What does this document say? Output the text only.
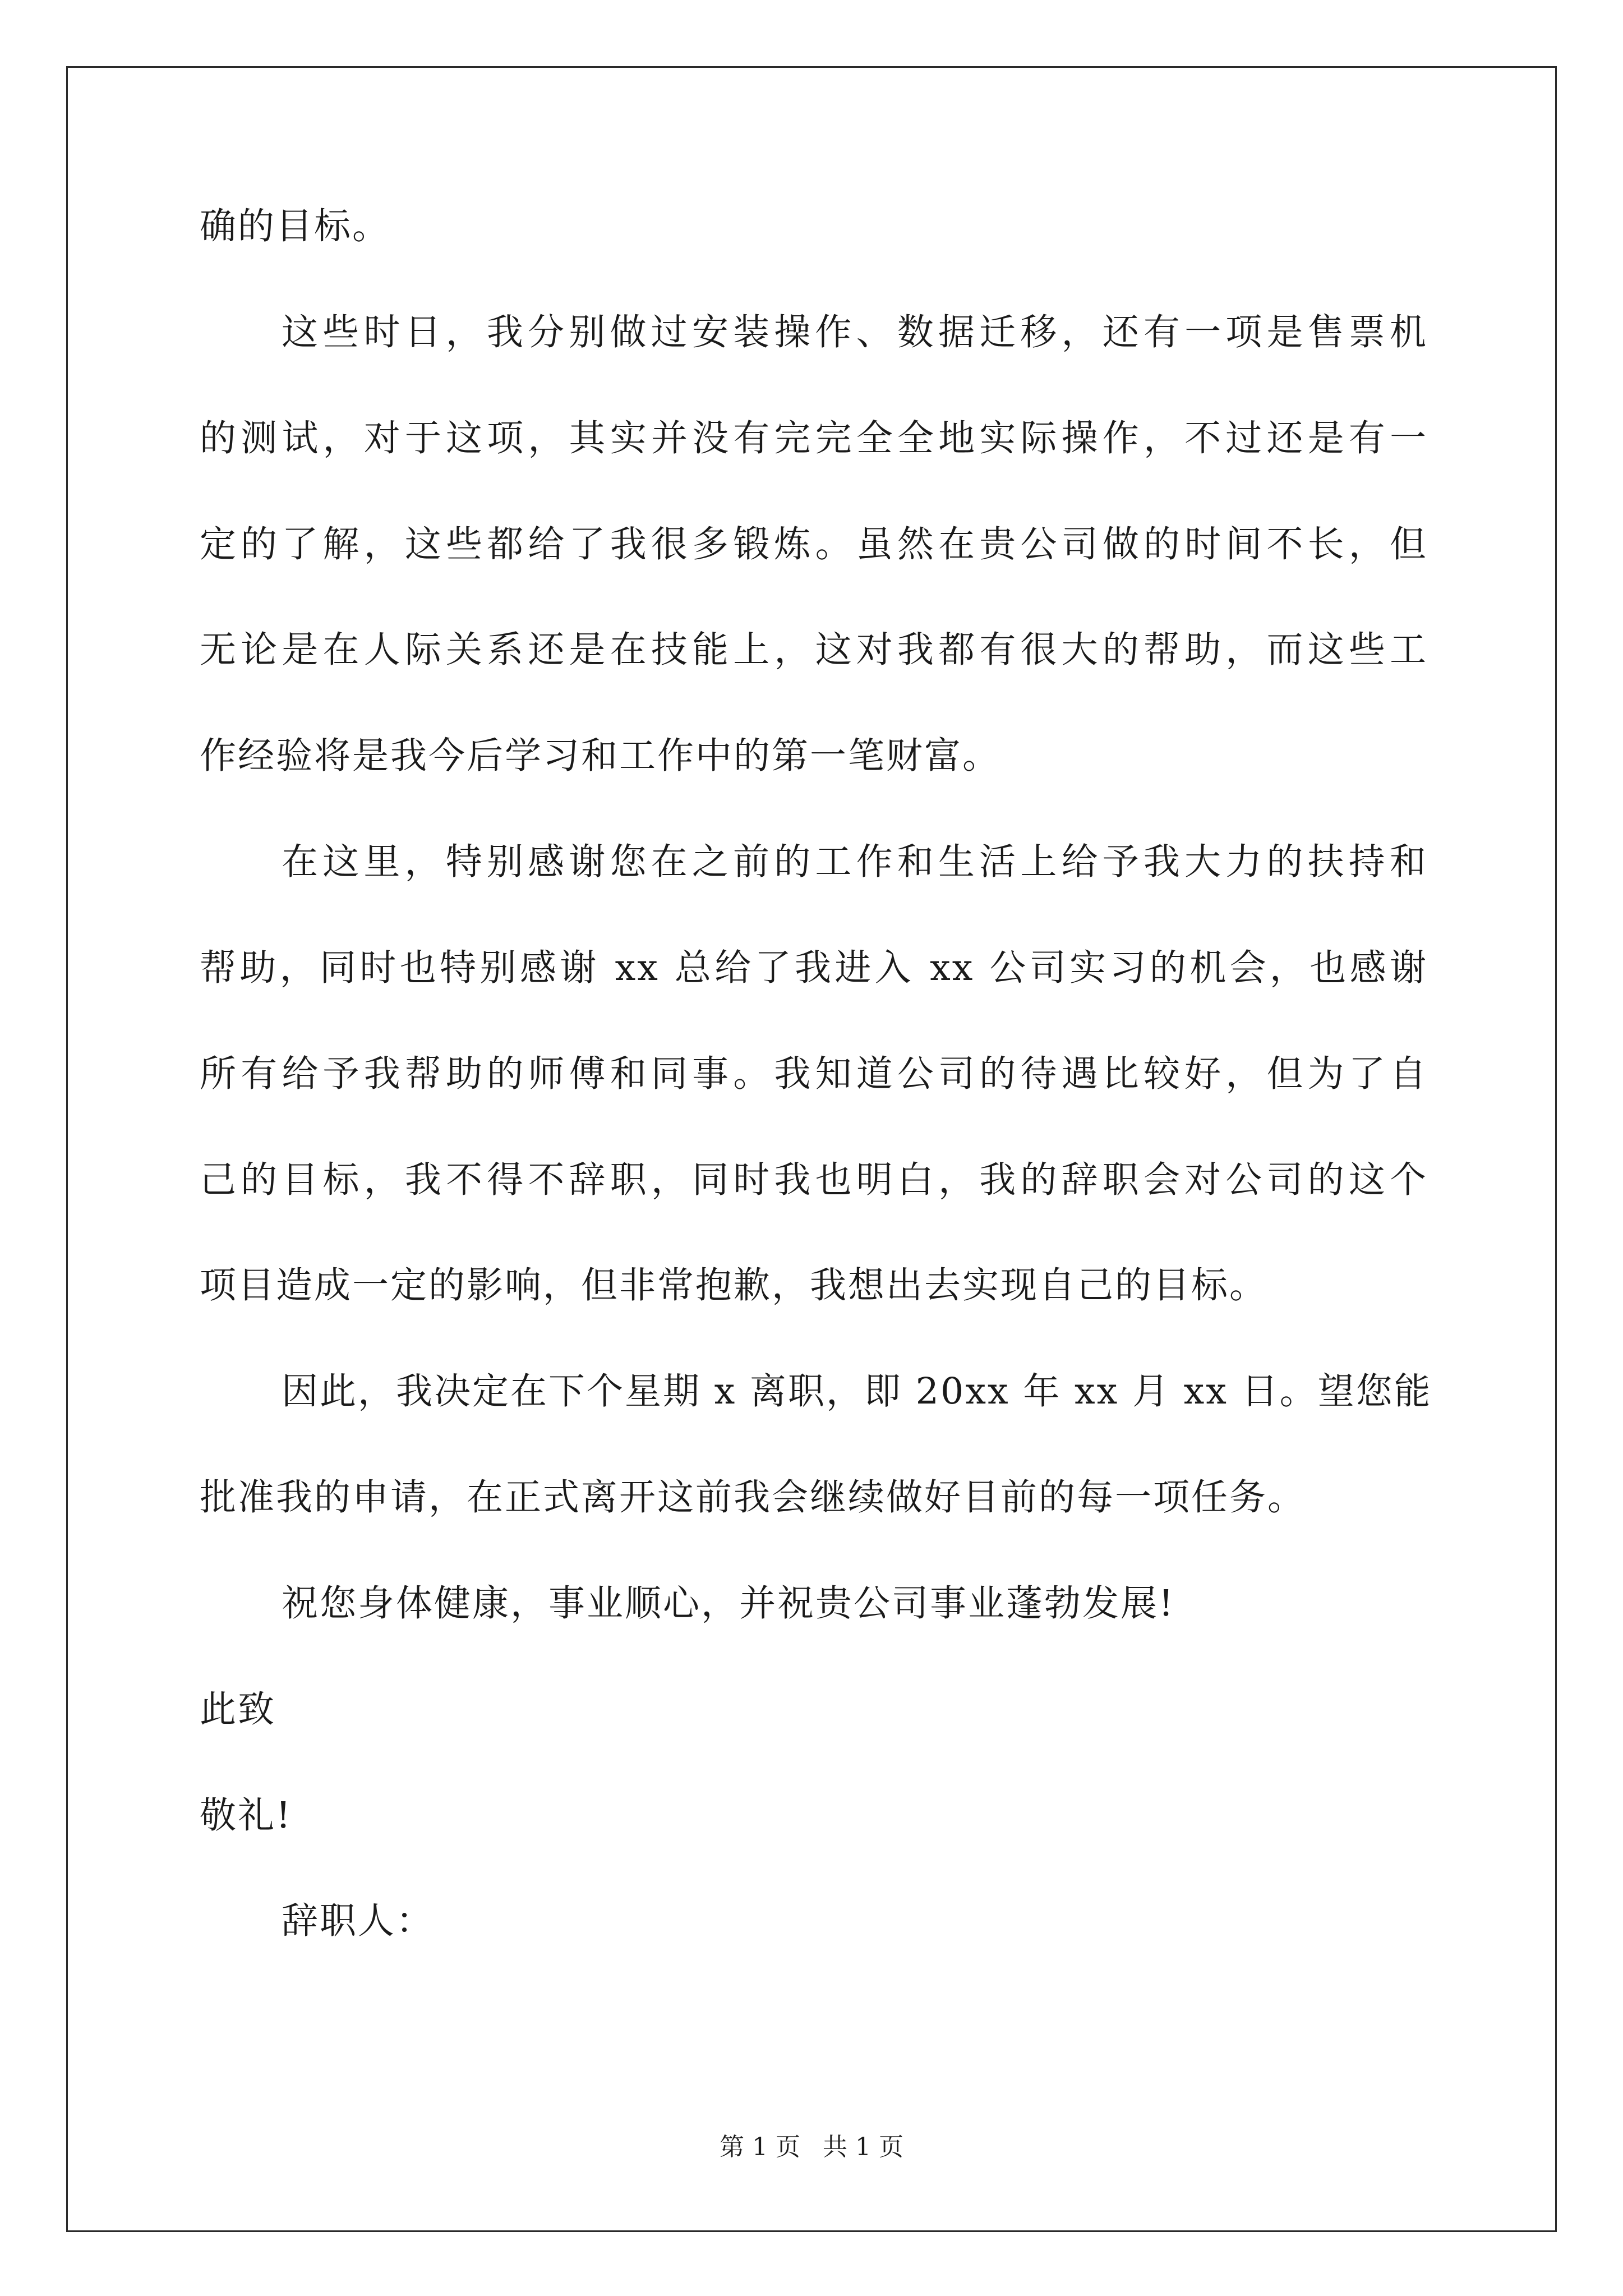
确的目标。
这些时日，我分别做过安装操作、数据迁移，还有一项是售票机
的测试，对于这项，其实并没有完完全全地实际操作，不过还是有一
定的了解，这些都给了我很多锻炼。虽然在贵公司做的时间不长，但
无论是在人际关系还是在技能上，这对我都有很大的帮助，而这些工
作经验将是我今后学习和工作中的第一笔财富。
在这里，特别感谢您在之前的工作和生活上给予我大力的扶持和
帮助，同时也特别感谢 xx 总给了我进入 xx 公司实习的机会，也感谢
所有给予我帮助的师傅和同事。我知道公司的待遇比较好，但为了自
己的目标，我不得不辞职，同时我也明白，我的辞职会对公司的这个
项目造成一定的影响，但非常抱歉，我想出去实现自己的目标。
因此，我决定在下个星期 x 离职，即 20xx 年 xx 月 xx 日。望您能
批准我的申请，在正式离开这前我会继续做好目前的每一项任务。
祝您身体健康，事业顺心，并祝贵公司事业蓬勃发展!
此致
敬礼!
辞职人：
第 1 页 共 1 页
